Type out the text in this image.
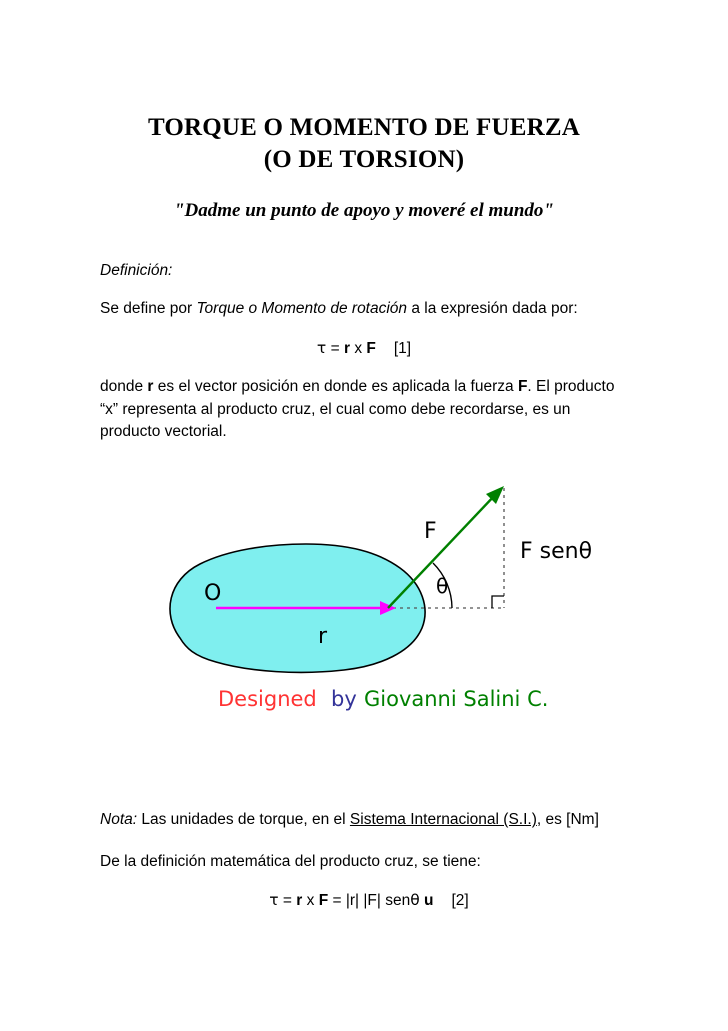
TORQUE O MOMENTO DE FUERZA
(O DE TORSION)
"Dadme un punto de apoyo y moveré el mundo"
Definición:
Se define por Torque o Momento de rotación a la expresión dada por:
τ = r x F [1]
donde r es el vector posición en donde es aplicada la fuerza F. El producto “x” representa al producto cruz, el cual como debe recordarse, es un producto vectorial.
O
r
F
θ
F senθ
Designed by Giovanni Salini C.
Nota: Las unidades de torque, en el Sistema Internacional (S.I.), es [Nm]
De la definición matemática del producto cruz, se tiene:
τ = r x F = |r| |F| senθ u [2]
